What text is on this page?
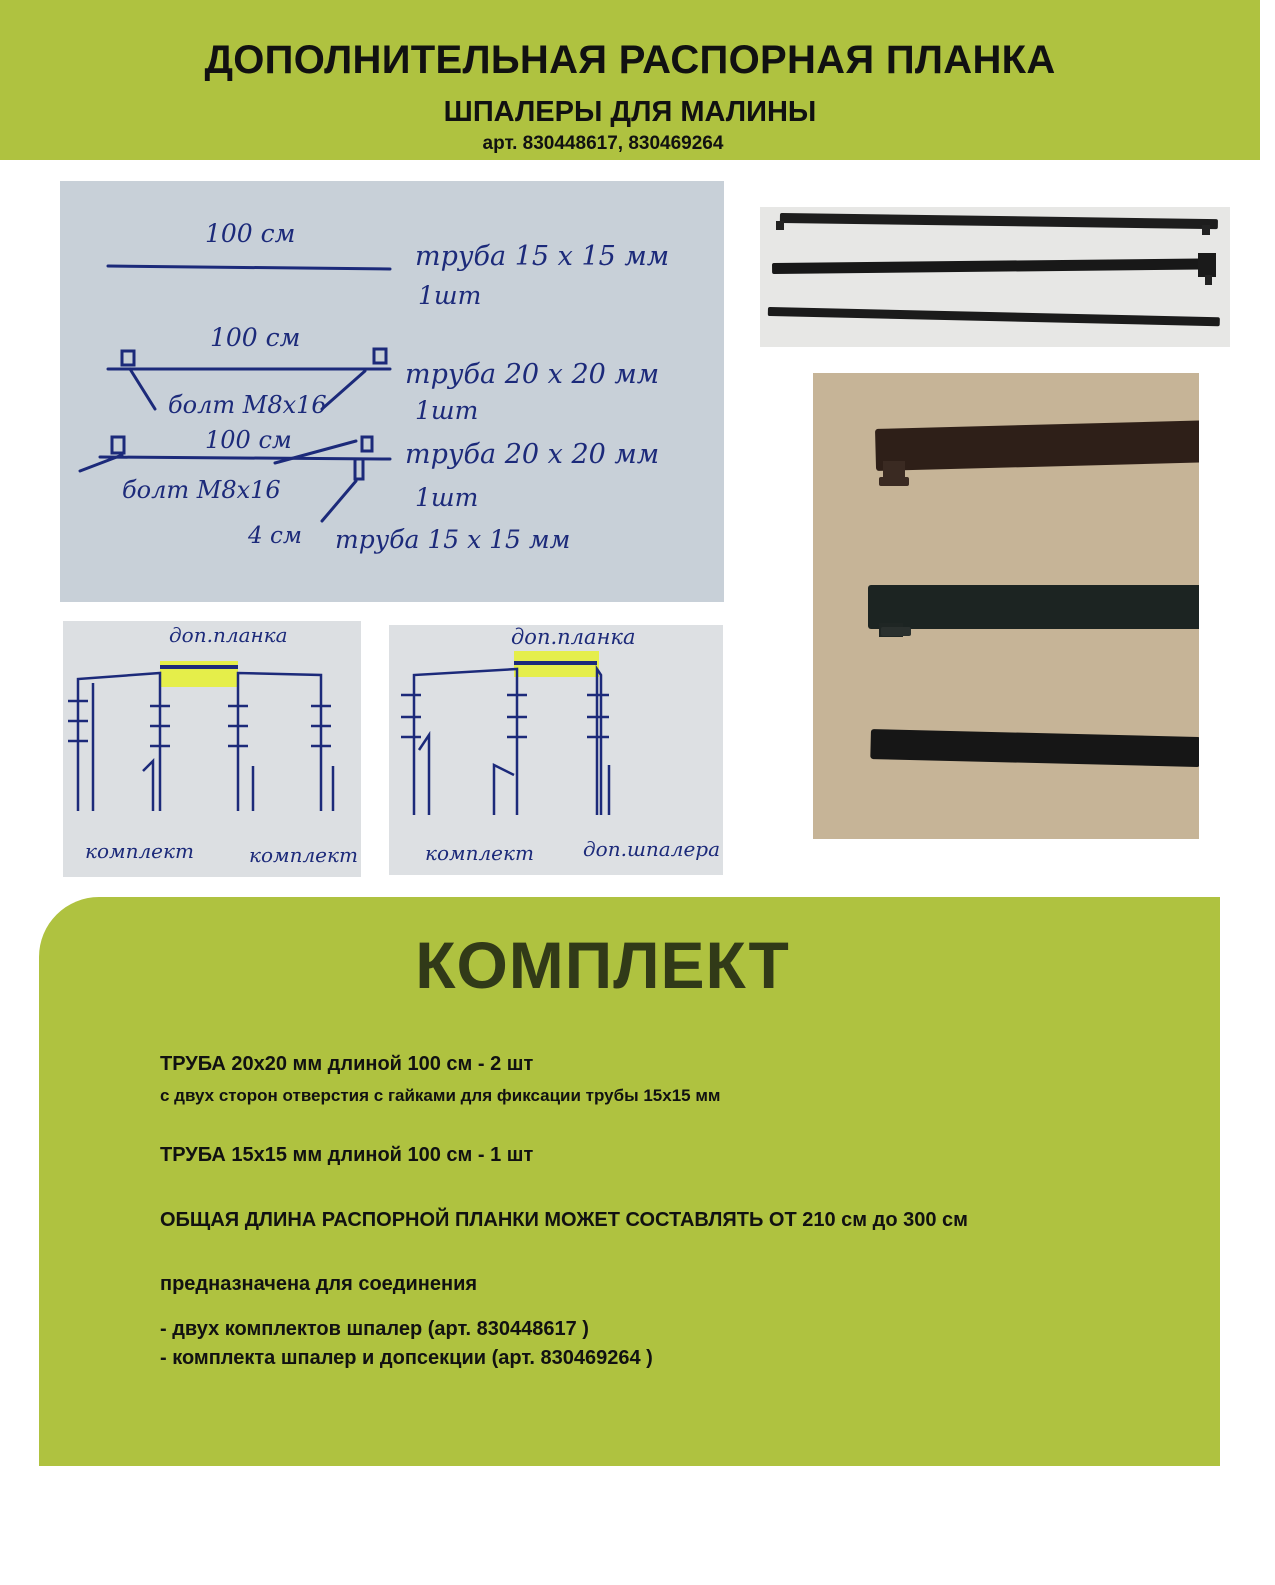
ДОПОЛНИТЕЛЬНАЯ РАСПОРНАЯ ПЛАНКА
ШПАЛЕРЫ ДЛЯ МАЛИНЫ
арт. 830448617, 830469264
100 см
труба 15 х 15 мм
1шт
100 см
труба 20 х 20 мм
1шт
болт М8х16
100 см	труба 20 х 20 мм
1шт
болт М8х16
4 см труба 15 х 15 мм
доп.планка
комплект	комплект
доп.планка
комплект доп.шпалера
КОМПЛЕКТ
ТРУБА 20х20 мм длиной 100 см - 2 шт
с двух сторон отверстия с гайками для фиксации трубы 15х15 мм
ТРУБА 15х15 мм длиной 100 см - 1 шт
ОБЩАЯ ДЛИНА РАСПОРНОЙ ПЛАНКИ МОЖЕТ СОСТАВЛЯТЬ ОТ 210 см до 300 см
предназначена для соединения
- двух комплектов шпалер (арт. 830448617 )
- комплекта шпалер и допсекции (арт. 830469264 )
